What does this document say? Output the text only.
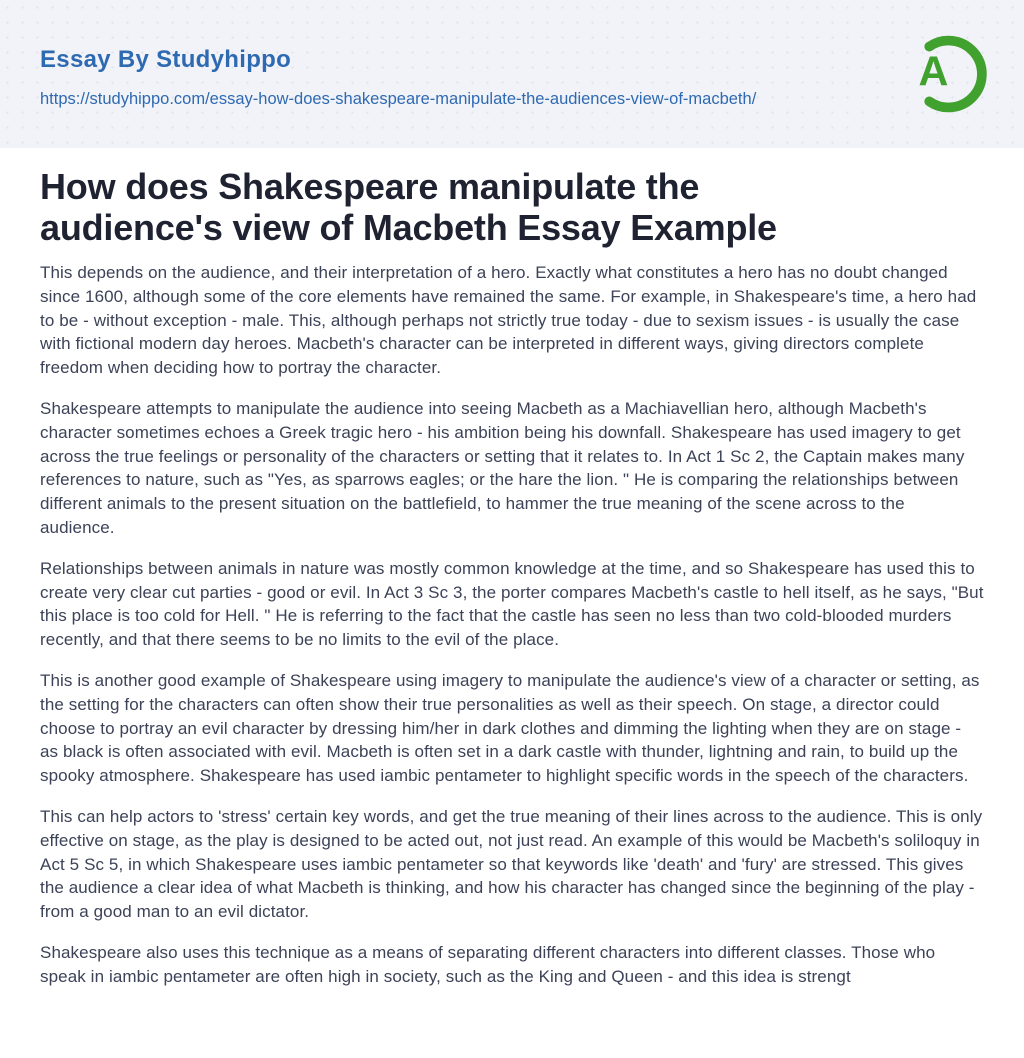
Essay By Studyhippo
https://studyhippo.com/essay-how-does-shakespeare-manipulate-the-audiences-view-of-macbeth/
A
How does Shakespeare manipulate the
audience's view of Macbeth Essay Example

This depends on the audience, and their interpretation of a hero. Exactly what constitutes a hero has no doubt changed since 1600, although some of the core elements have remained the same. For example, in Shakespeare's time, a hero had to be - without exception - male. This, although perhaps not strictly true today - due to sexism issues - is usually the case with fictional modern day heroes. Macbeth's character can be interpreted in different ways, giving directors complete freedom when deciding how to portray the character.

Shakespeare attempts to manipulate the audience into seeing Macbeth as a Machiavellian hero, although Macbeth's character sometimes echoes a Greek tragic hero - his ambition being his downfall. Shakespeare has used imagery to get across the true feelings or personality of the characters or setting that it relates to. In Act 1 Sc 2, the Captain makes many references to nature, such as "Yes, as sparrows eagles; or the hare the lion. " He is comparing the relationships between different animals to the present situation on the battlefield, to hammer the true meaning of the scene across to the audience.

Relationships between animals in nature was mostly common knowledge at the time, and so Shakespeare has used this to create very clear cut parties - good or evil. In Act 3 Sc 3, the porter compares Macbeth's castle to hell itself, as he says, "But this place is too cold for Hell. " He is referring to the fact that the castle has seen no less than two cold-blooded murders recently, and that there seems to be no limits to the evil of the place.

This is another good example of Shakespeare using imagery to manipulate the audience's view of a character or setting, as the setting for the characters can often show their true personalities as well as their speech. On stage, a director could choose to portray an evil character by dressing him/her in dark clothes and dimming the lighting when they are on stage - as black is often associated with evil. Macbeth is often set in a dark castle with thunder, lightning and rain, to build up the spooky atmosphere. Shakespeare has used iambic pentameter to highlight specific words in the speech of the characters.

This can help actors to 'stress' certain key words, and get the true meaning of their lines across to the audience. This is only effective on stage, as the play is designed to be acted out, not just read. An example of this would be Macbeth's soliloquy in Act 5 Sc 5, in which Shakespeare uses iambic pentameter so that keywords like 'death' and 'fury' are stressed. This gives the audience a clear idea of what Macbeth is thinking, and how his character has changed since the beginning of the play - from a good man to an evil dictator.

Shakespeare also uses this technique as a means of separating different characters into different classes. Those who speak in iambic pentameter are often high in society, such as the King and Queen - and this idea is strengt
